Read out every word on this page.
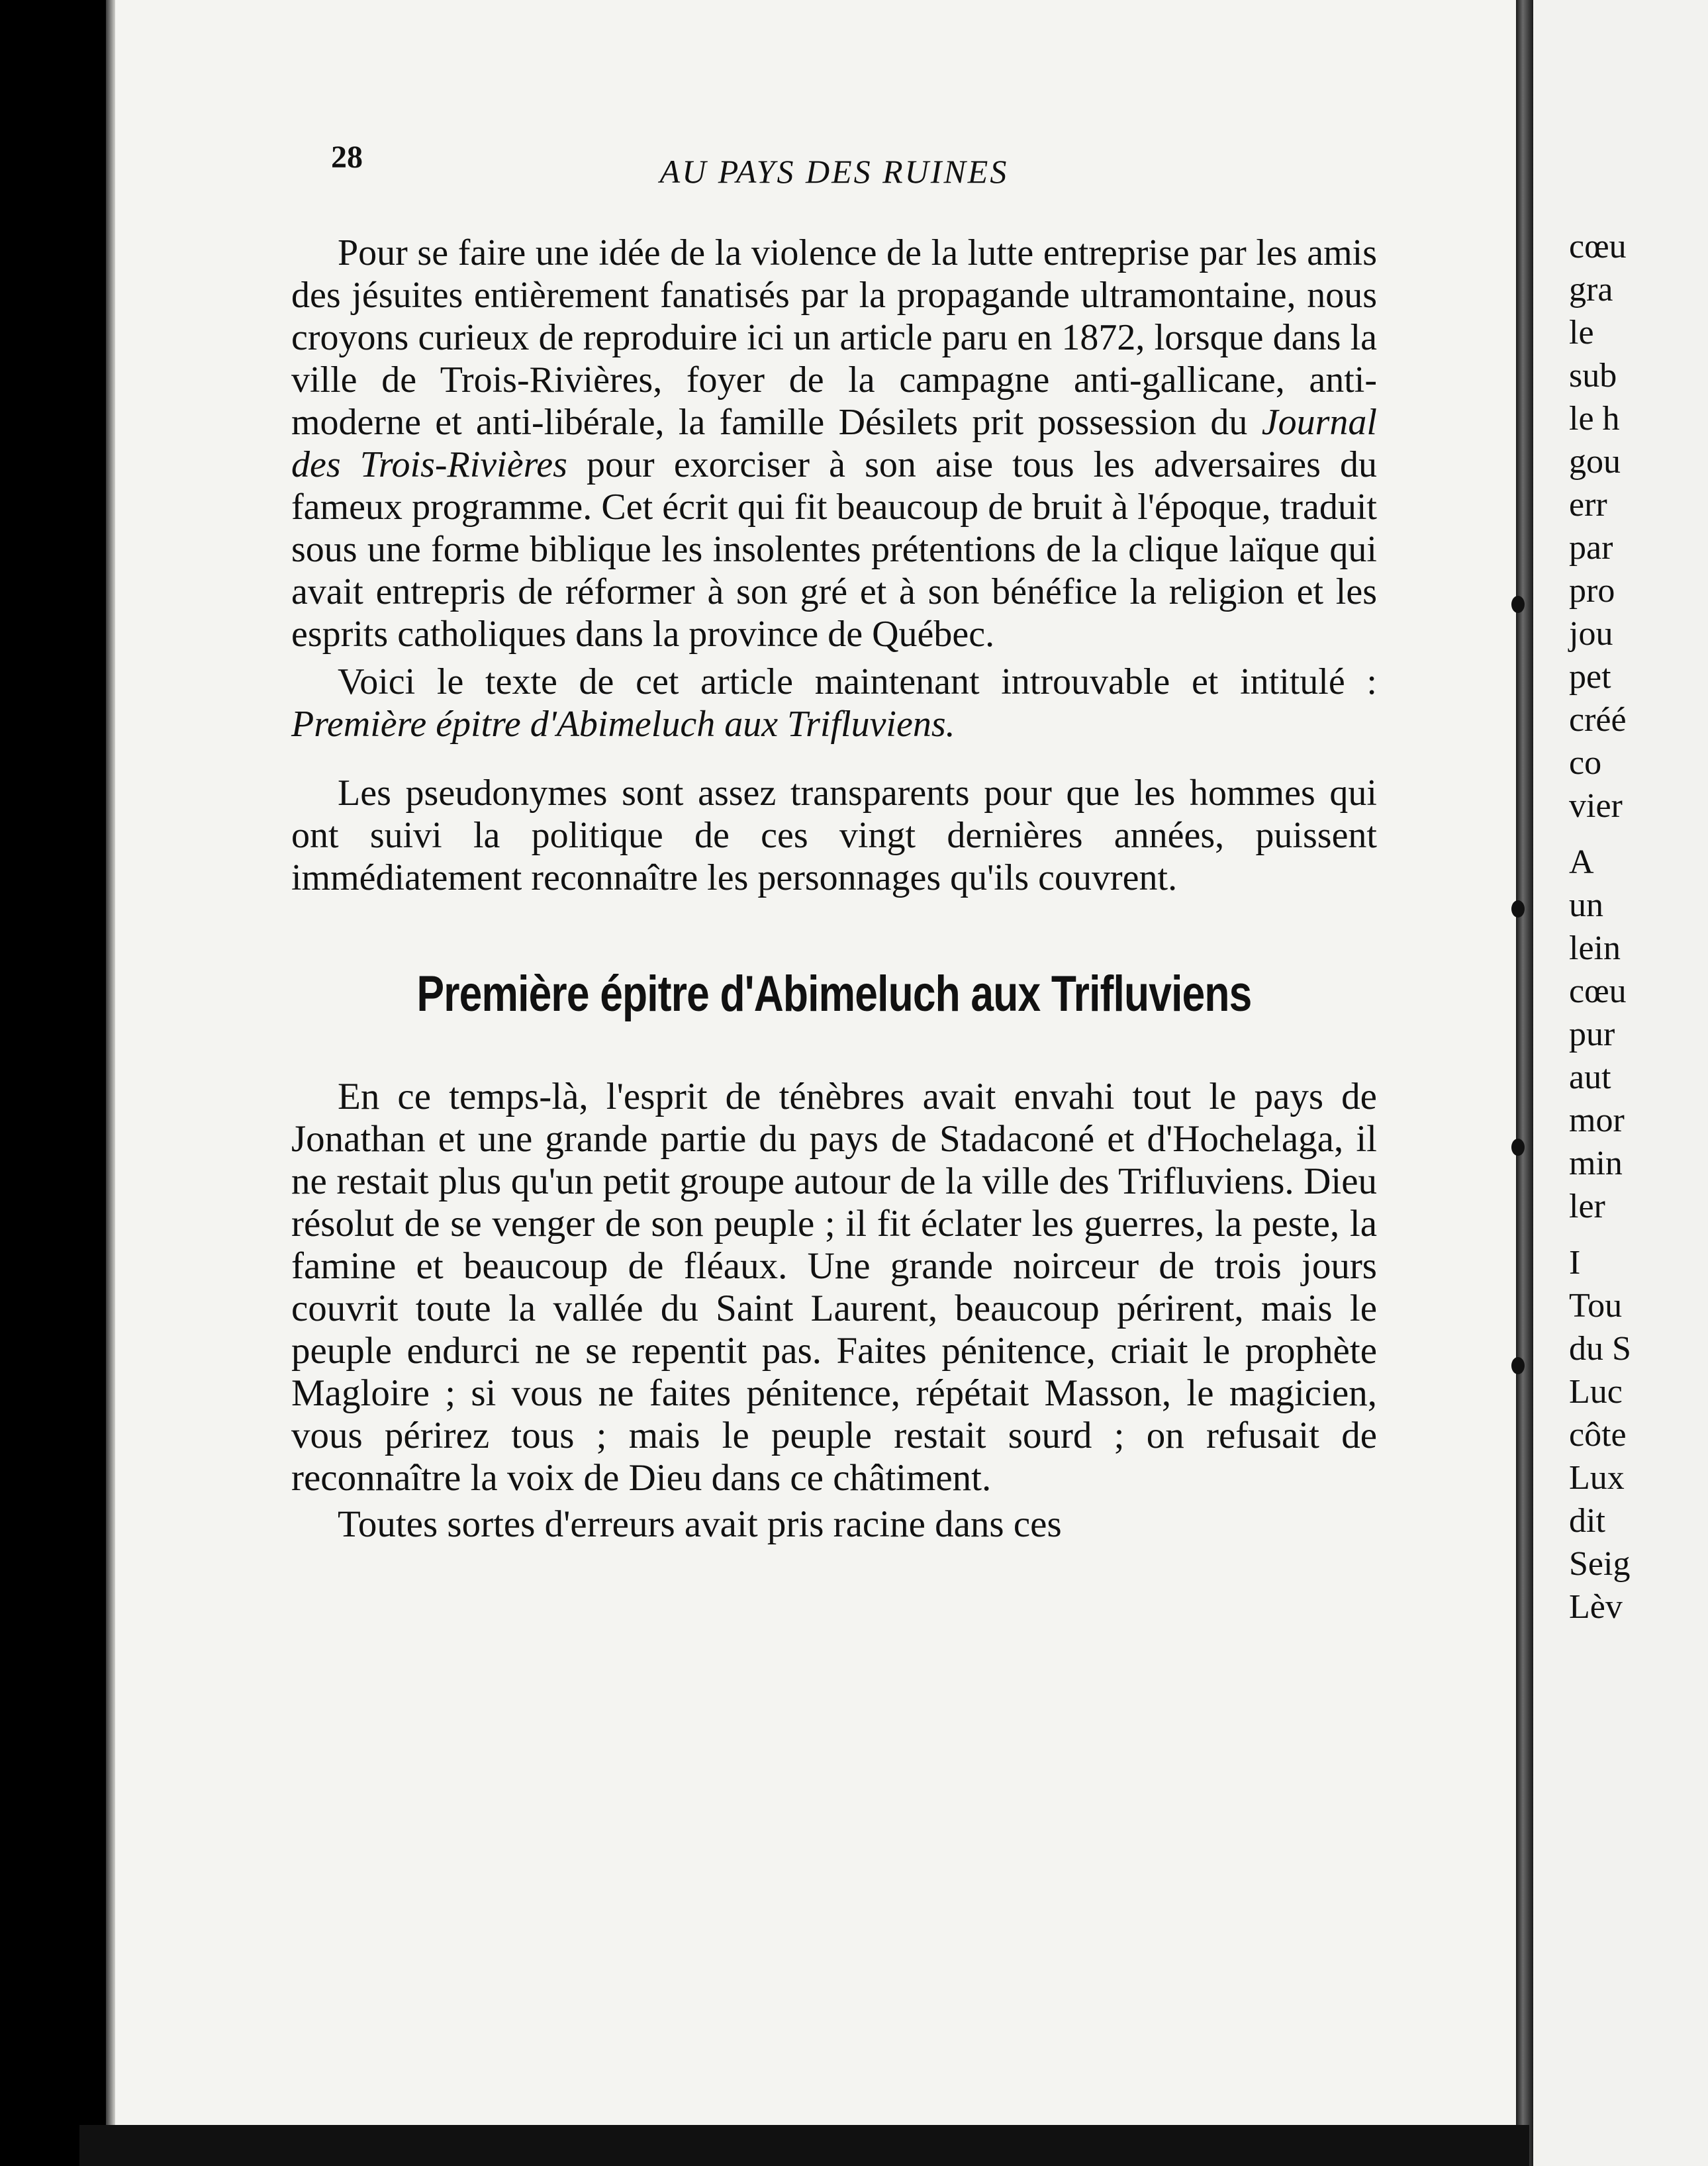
28	AU PAYS DES RUINES

Pour se faire une idée de la violence de la lutte entreprise par les amis des jésuites entièrement fanatisés par la propagande ultramontaine, nous croyons curieux de reproduire ici un article paru en 1872, lorsque dans la ville de Trois-Rivières, foyer de la campagne anti-gallicane, anti-moderne et anti-libérale, la famille Désilets prit possession du Journal des Trois-Rivières pour exorciser à son aise tous les adversaires du fameux programme. Cet écrit qui fit beaucoup de bruit à l'époque, traduit sous une forme biblique les insolentes prétentions de la clique laïque qui avait entrepris de réformer à son gré et à son bénéfice la religion et les esprits catholiques dans la province de Québec.

Voici le texte de cet article maintenant introuvable et intitulé : Première épitre d'Abimeluch aux Trifluviens.

Les pseudonymes sont assez transparents pour que les hommes qui ont suivi la politique de ces vingt dernières années, puissent immédiatement reconnaître les personnages qu'ils couvrent.

Première épitre d'Abimeluch aux Trifluviens

En ce temps-là, l'esprit de ténèbres avait envahi tout le pays de Jonathan et une grande partie du pays de Stadaconé et d'Hochelaga, il ne restait plus qu'un petit groupe autour de la ville des Trifluviens. Dieu résolut de se venger de son peuple ; il fit éclater les guerres, la peste, la famine et beaucoup de fléaux. Une grande noirceur de trois jours couvrit toute la vallée du Saint Laurent, beaucoup périrent, mais le peuple endurci ne se repentit pas. Faites pénitence, criait le prophète Magloire ; si vous ne faites pénitence, répétait Masson, le magicien, vous périrez tous ; mais le peuple restait sourd ; on refusait de reconnaître la voix de Dieu dans ce châtiment.

Toutes sortes d'erreurs avait pris racine dans ces

cœu
gra
le
sub
le h
gou
err
par
pro
jou
pet
créé
co
vier
A
un
lein
cœu
pur
aut
mor
min
ler
I
Tou
du S
Luc
côte
Lux
dit
Seig
Lèv
